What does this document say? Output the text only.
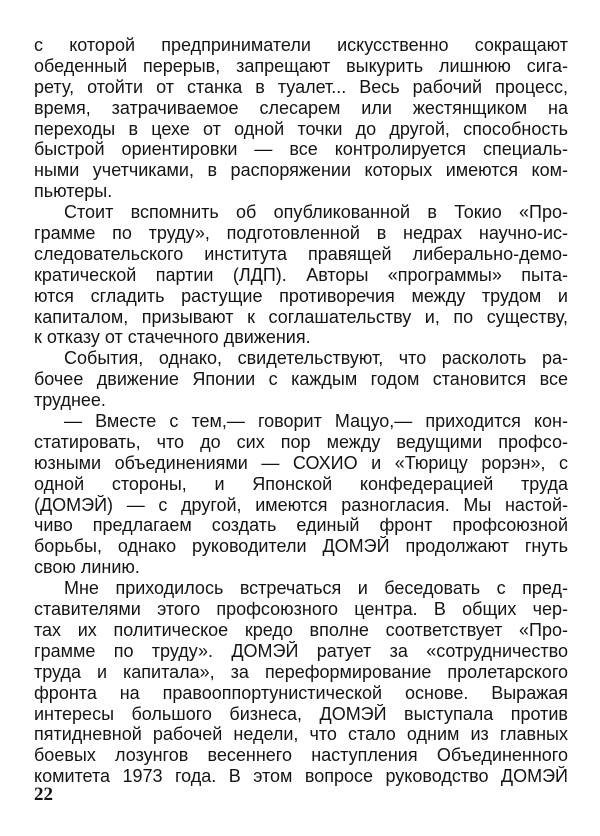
с которой предприниматели искусственно сокращают
обеденный перерыв, запрещают выкурить лишнюю сига-
рету, отойти от станка в туалет... Весь рабочий процесс,
время, затрачиваемое слесарем или жестянщиком на
переходы в цехе от одной точки до другой, способность
быстрой ориентировки — все контролируется специаль-
ными учетчиками, в распоряжении которых имеются ком-
пьютеры.
Стоит вспомнить об опубликованной в Токио «Про-
грамме по труду», подготовленной в недрах научно-ис-
следовательского института правящей либерально-демо-
кратической партии (ЛДП). Авторы «программы» пыта-
ются сгладить растущие противоречия между трудом и
капиталом, призывают к соглашательству и, по существу,
к отказу от стачечного движения.
События, однако, свидетельствуют, что расколоть ра-
бочее движение Японии с каждым годом становится все
труднее.
— Вместе с тем,— говорит Мацуо,— приходится кон-
статировать, что до сих пор между ведущими профсо-
юзными объединениями — СОХИО и «Тюрицу рорэн», с
одной стороны, и Японской конфедерацией труда
(ДОМЭЙ) — с другой, имеются разногласия. Мы настой-
чиво предлагаем создать единый фронт профсоюзной
борьбы, однако руководители ДОМЭЙ продолжают гнуть
свою линию.
Мне приходилось встречаться и беседовать с пред-
ставителями этого профсоюзного центра. В общих чер-
тах их политическое кредо вполне соответствует «Про-
грамме по труду». ДОМЭЙ ратует за «сотрудничество
труда и капитала», за переформирование пролетарского
фронта на правооппортунистической основе. Выражая
интересы большого бизнеса, ДОМЭЙ выступала против
пятидневной рабочей недели, что стало одним из главных
боевых лозунгов весеннего наступления Объединенного
комитета 1973 года. В этом вопросе руководство ДОМЭЙ
22
